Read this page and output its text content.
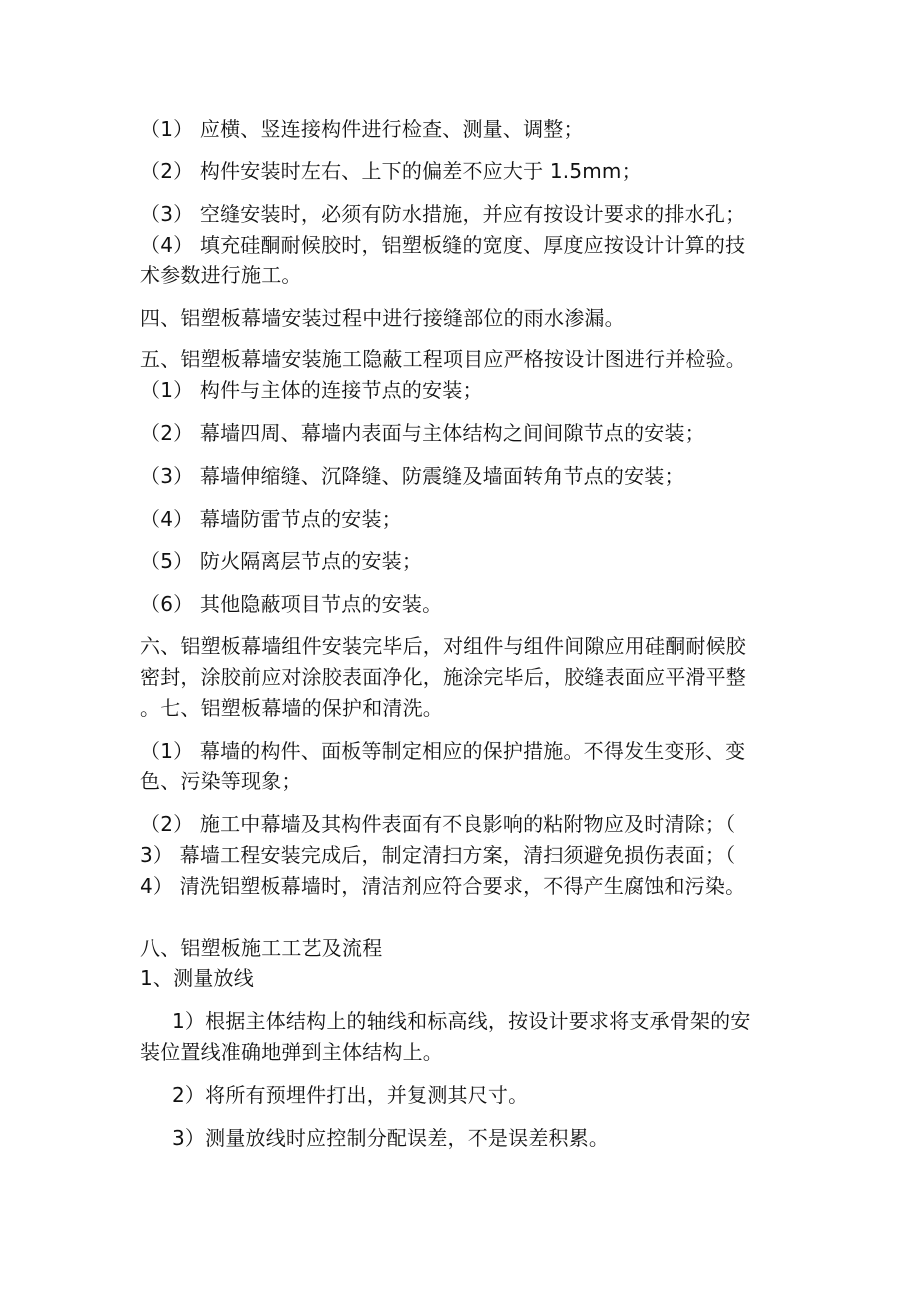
（1） 应横、竖连接构件进行检查、测量、调整；
（2） 构件安装时左右、上下的偏差不应大于 1.5mm；
（3） 空缝安装时，必须有防水措施，并应有按设计要求的排水孔；
（4） 填充硅酮耐候胶时，铝塑板缝的宽度、厚度应按设计计算的技
术参数进行施工。
四、铝塑板幕墙安装过程中进行接缝部位的雨水渗漏。
五、铝塑板幕墙安装施工隐蔽工程项目应严格按设计图进行并检验。
（1） 构件与主体的连接节点的安装；
（2） 幕墙四周、幕墙内表面与主体结构之间间隙节点的安装；
（3） 幕墙伸缩缝、沉降缝、防震缝及墙面转角节点的安装；
（4） 幕墙防雷节点的安装；
（5） 防火隔离层节点的安装；
（6） 其他隐蔽项目节点的安装。
六、铝塑板幕墙组件安装完毕后，对组件与组件间隙应用硅酮耐候胶
密封，涂胶前应对涂胶表面净化，施涂完毕后，胶缝表面应平滑平整
。七、铝塑板幕墙的保护和清洗。
（1） 幕墙的构件、面板等制定相应的保护措施。不得发生变形、变
色、污染等现象；
（2） 施工中幕墙及其构件表面有不良影响的粘附物应及时清除；（
3） 幕墙工程安装完成后，制定清扫方案，清扫须避免损伤表面；（
4） 清洗铝塑板幕墙时，清洁剂应符合要求，不得产生腐蚀和污染。
八、铝塑板施工工艺及流程
1、测量放线
1）根据主体结构上的轴线和标高线，按设计要求将支承骨架的安
装位置线准确地弹到主体结构上。
2）将所有预埋件打出，并复测其尺寸。
3）测量放线时应控制分配误差，不是误差积累。
